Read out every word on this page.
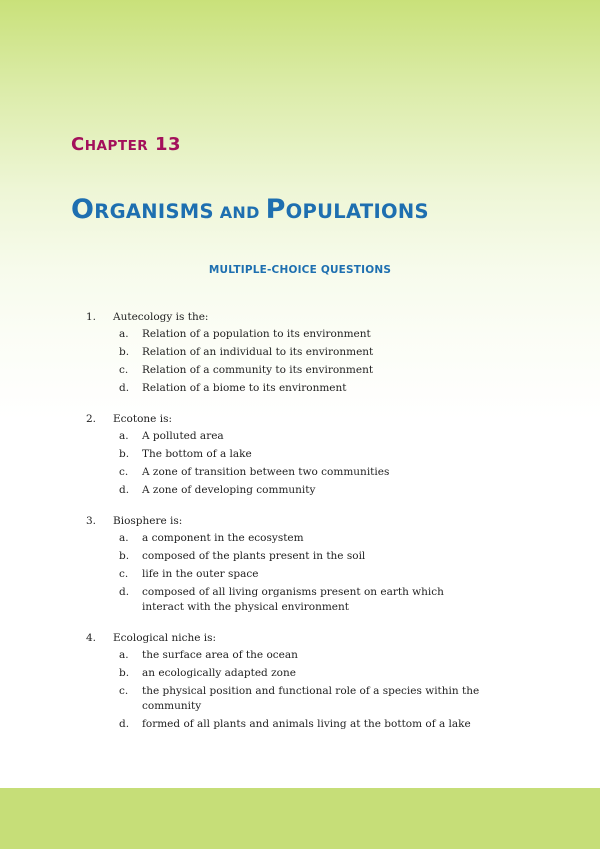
CHAPTER 13
ORGANISMS AND POPULATIONS
MULTIPLE-CHOICE QUESTIONS
1. Autecology is the:
a.	Relation of a population to its environment
b.	Relation of an individual to its environment
c.	Relation of a community to its environment
d.	Relation of a biome to its environment
2. Ecotone is:
a.	A polluted area
b.	The bottom of a lake
c.	A zone of transition between two communities
d.	A zone of developing community
3. Biosphere is:
a.	a component in the ecosystem
b.	composed of the plants present in the soil
c.	life in the outer space
d.	composed of all living organisms present on earth which interact with the physical environment
4. Ecological niche is:
a.	the surface area of the ocean
b.	an ecologically adapted zone
c.	the physical position and functional role of a species within the community
d.	formed of all plants and animals living at the bottom of a lake
